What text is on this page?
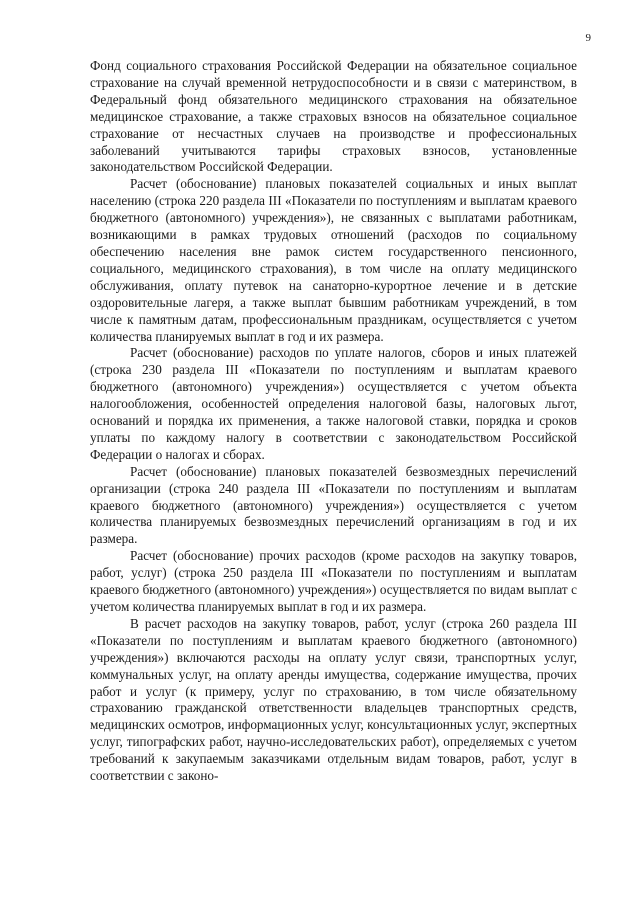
9

Фонд социального страхования Российской Федерации на обязательное социальное страхование на случай временной нетрудоспособности и в связи с материнством, в Федеральный фонд обязательного медицинского страхования на обязательное медицинское страхование, а также страховых взносов на обязательное социальное страхование от несчастных случаев на производстве и профессиональных заболеваний учитываются тарифы страховых взносов, установленные законодательством Российской Федерации.

Расчет (обоснование) плановых показателей социальных и иных выплат населению (строка 220 раздела III «Показатели по поступлениям и выплатам краевого бюджетного (автономного) учреждения»), не связанных с выплатами работникам, возникающими в рамках трудовых отношений (расходов по социальному обеспечению населения вне рамок систем государственного пенсионного, социального, медицинского страхования), в том числе на оплату медицинского обслуживания, оплату путевок на санаторно-курортное лечение и в детские оздоровительные лагеря, а также выплат бывшим работникам учреждений, в том числе к памятным датам, профессиональным праздникам, осуществляется с учетом количества планируемых выплат в год и их размера.

Расчет (обоснование) расходов по уплате налогов, сборов и иных платежей (строка 230 раздела III «Показатели по поступлениям и выплатам краевого бюджетного (автономного) учреждения») осуществляется с учетом объекта налогообложения, особенностей определения налоговой базы, налоговых льгот, оснований и порядка их применения, а также налоговой ставки, порядка и сроков уплаты по каждому налогу в соответствии с законодательством Российской Федерации о налогах и сборах.

Расчет (обоснование) плановых показателей безвозмездных перечислений организации (строка 240 раздела III «Показатели по поступлениям и выплатам краевого бюджетного (автономного) учреждения») осуществляется с учетом количества планируемых безвозмездных перечислений организациям в год и их размера.

Расчет (обоснование) прочих расходов (кроме расходов на закупку товаров, работ, услуг) (строка 250 раздела III «Показатели по поступлениям и выплатам краевого бюджетного (автономного) учреждения») осуществляется по видам выплат с учетом количества планируемых выплат в год и их размера.

В расчет расходов на закупку товаров, работ, услуг (строка 260 раздела III «Показатели по поступлениям и выплатам краевого бюджетного (автономного) учреждения») включаются расходы на оплату услуг связи, транспортных услуг, коммунальных услуг, на оплату аренды имущества, содержание имущества, прочих работ и услуг (к примеру, услуг по страхованию, в том числе обязательному страхованию гражданской ответственности владельцев транспортных средств, медицинских осмотров, информационных услуг, консультационных услуг, экспертных услуг, типографских работ, научно-исследовательских работ), определяемых с учетом требований к закупаемым заказчиками отдельным видам товаров, работ, услуг в соответствии с законо-
